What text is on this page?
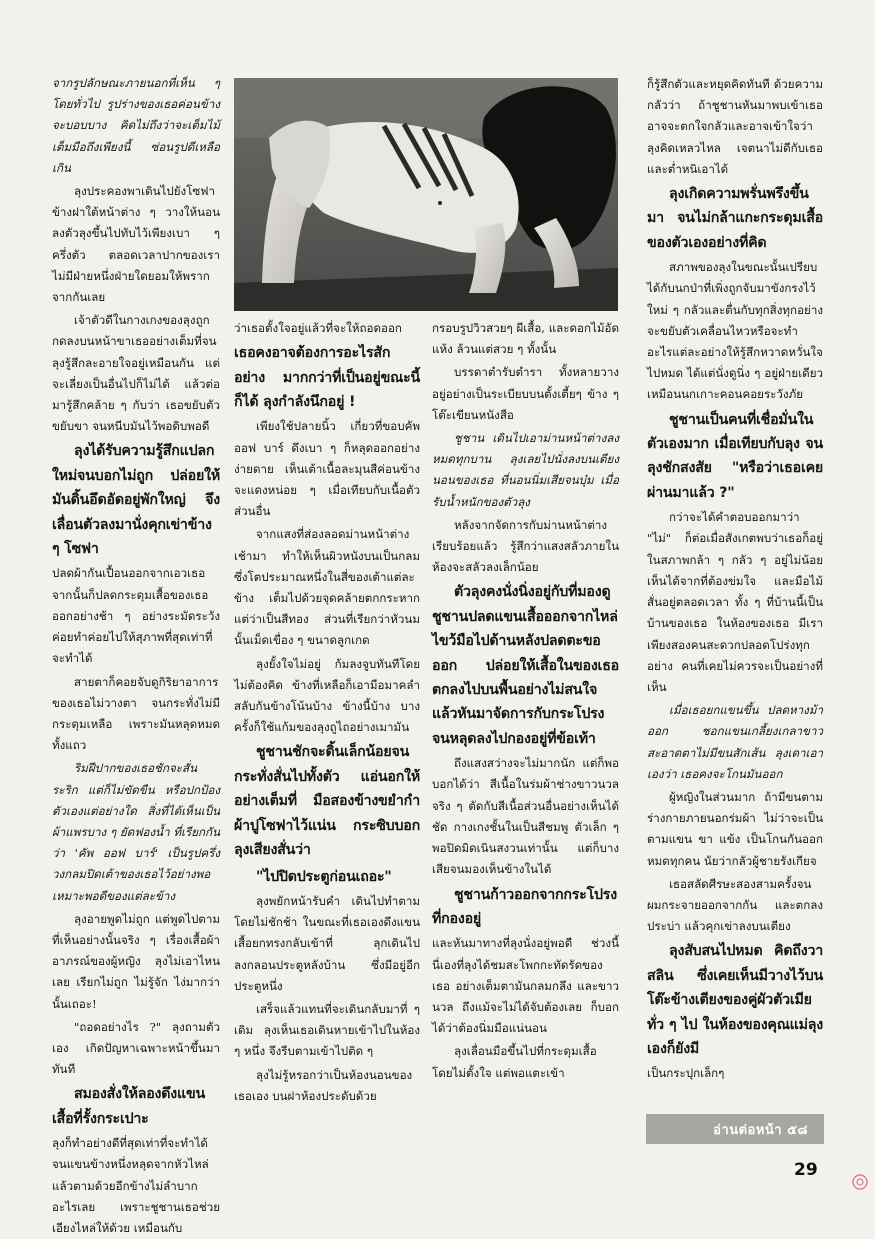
จากรูปลักษณะภายนอกที่เห็น ๆ โดยทั่วไป รูปร่างของเธอค่อนข้างจะบอบบาง คิดไม่ถึงว่าจะเต็มไม้เต็มมือถึงเพียงนี้ ซ่อนรูปดีเหลือเกิน

ลุงประคองพาเดินไปยังโซฟาข้างฝาใต้หน้าต่าง ๆ วางให้นอนลงตัวลุงขึ้นไปทับไว้เพียงเบา ๆ ครึ่งตัว ตลอดเวลาปากของเรา ไม่มีฝ่ายหนึ่งฝ่ายใดยอมให้พรากจากกันเลย

เจ้าตัวดีในกางเกงของลุงถูกกดลงบนหน้าขาเธออย่างเต็มที่จนลุงรู้สึกละอายใจอยู่เหมือนกัน แต่จะเลี่ยงเป็นอื่นไปก็ไม่ได้ แล้วต่อมารู้สึกคล้าย ๆ กับว่า เธอขยับตัวขยับขา จนหนีบมันไว้พอดิบพอดี

ลุงได้รับความรู้สึกแปลกใหม่จนบอกไม่ถูก ปล่อยให้มันดิ้นอึดอัดอยู่พักใหญ่ จึงเลื่อนตัวลงมานั่งคุกเข่าข้าง ๆ โซฟา

ปลดผ้ากันเปื้อนออกจากเอวเธอ จากนั้นก็ปลดกระดุมเสื้อของเธอออกอย่างช้า ๆ อย่างระมัดระวังค่อยทำค่อยไปให้สุภาพที่สุดเท่าที่จะทำได้

สายตาก็คอยจับดูกิริยาอาการของเธอไม่วางตา จนกระทั่งไม่มีกระดุมเหลือ เพราะมันหลุดหมดทั้งแถว

ริมฝีปากของเธอชักจะสั่นระริก แต่ก็ไม่ขัดขืน หรือปกป้องตัวเองแต่อย่างใด สิ่งที่ได้เห็นเป็นผ้าแพรบาง ๆ ยัดฟองน้ำ ที่เรียกกันว่า 'คัพ ออฟ บาร์' เป็นรูปครึ่งวงกลมปิดเต้าของเธอไว้อย่างพอเหมาะพอดีของแต่ละข้าง

ลุงอายพูดไม่ถูก แต่พูดไปตามที่เห็นอย่างนั้นจริง ๆ เรื่องเสื้อผ้าอาภรณ์ของผู้หญิง ลุงไม่เอาไหนเลย เรียกไม่ถูก ไม่รู้จัก ไง่มากว่านั้นเถอะ!

"ถอดอย่างไร ?" ลุงถามตัวเอง เกิดปัญหาเฉพาะหน้าขึ้นมาทันที

สมองสั่งให้ลองดึงแขนเสื้อที่รั้งกระเปาะ

ลุงก็ทำอย่างดีที่สุดเท่าที่จะทำได้ จนแขนข้างหนึ่งหลุดจากหัวไหล่ แล้วตามด้วยอีกข้างไม่ลำบากอะไรเลย เพราะชูชานเธอช่วยเอียงไหล่ให้ด้วย เหมือนกับ

ว่าเธอตั้งใจอยู่แล้วที่จะให้ถอดออก

เธอคงอาจต้องการอะไรสักอย่าง มากกว่าที่เป็นอยู่ขณะนี้ก็ได้ ลุงกำลังนึกอยู่ !

เพียงใช้ปลายนิ้ว เกี่ยวที่ขอบคัพ ออฟ บาร์ ดึงเบา ๆ ก็หลุดออกอย่างง่ายดาย เห็นเต้าเนื้อละมุนสีค่อนข้างจะแดงหน่อย ๆ เมื่อเทียบกับเนื้อตัวส่วนอื่น

จากแสงที่ส่องลอดม่านหน้าต่างเช้ามา ทำให้เห็นผิวหนังบนเป็นกลมซึ่งโตประมาณหนึ่งในสี่ของเต้าแต่ละข้าง เต็มไปด้วยจุดคล้ายตกกระหากแต่ว่าเป็นสีทอง ส่วนที่เรียกว่าหัวนมนั้นเม็ดเขื่อง ๆ ขนาดลูกเกด

ลุงยั้งใจไม่อยู่ ก้มลงจูบทันทีโดยไม่ต้องคิด ข้างที่เหลือก็เอามือมาคลำสลับกันข้างโน้นบ้าง ข้างนี้บ้าง บางครั้งก็ใช้แก้มของลุงถูไถอย่างเมามัน

ชูชานชักจะดิ้นเล็กน้อยจนกระทั่งสั่นไปทั้งตัว แอ่นอกให้อย่างเต็มที่ มือสองข้างขยำกำผ้าปูโซฟาไว้แน่น กระซิบบอกลุงเสียงสั่นว่า

"ไปปิดประตูก่อนเถอะ"

ลุงพยักหน้ารับคำ เดินไปทำตามโดยไม่ชักช้า ในขณะที่เธอเองดึงแขนเสื้อยกทรงกลับเข้าที่ ลุกเดินไปลงกลอนประตูหลังบ้าน ซึ่งมีอยู่อีกประตูหนึ่ง

เสร็จแล้วแทนที่จะเดินกลับมาที่ ๆ เดิม ลุงเห็นเธอเดินหายเข้าไปในห้อง ๆ หนึ่ง จึงรีบตามเข้าไปติด ๆ

ลุงไม่รู้หรอกว่าเป็นห้องนอนของเธอเอง บนฝาห้องประดับด้วย

กรอบรูปวิวสวยๆ ผีเสื้อ, และดอกไม้อัดแห้ง ล้วนแต่สวย ๆ ทั้งนั้น

บรรดาตำรับตำรา ทั้งหลายวางอยู่อย่างเป็นระเบียบบนตั้งเตี้ยๆ ข้าง ๆ โต๊ะเขียนหนังสือ

ชูชาน เดินไปเอาม่านหน้าต่างลงหมดทุกบาน ลุงเลยไปนั่งลงบนเตียงนอนของเธอ ที่นอนนิ่มเสียจนบุ๋ม เมื่อรับน้ำหนักของตัวลุง

หลังจากจัดการกับม่านหน้าต่างเรียบร้อยแล้ว รู้สึกว่าแสงสลัวภายในห้องจะสลัวลงเล็กน้อย

ตัวลุงคงนั่งนิ่งอยู่กับที่มองดูชูชานปลดแขนเสื้อออกจากไหล่ ไขว้มือไปด้านหลังปลดตะขอออก ปล่อยให้เสื้อในของเธอตกลงไปบนพื้นอย่างไม่สนใจ แล้วหันมาจัดการกับกระโปรง จนหลุดลงไปกองอยู่ที่ข้อเท้า

ถึงแสงสว่างจะไม่มากนัก แต่ก็พอบอกได้ว่า สีเนื้อในร่มผ้าช่างขาวนวลจริง ๆ ตัดกับสีเนื้อส่วนอื่นอย่างเห็นได้ชัด กางเกงชั้นในเป็นสีชมพู ตัวเล็ก ๆ พอปิดมิดเนินสงวนเท่านั้น แต่ก็บางเสียจนมองเห็นข้างในได้

ชูชานก้าวออกจากกระโปรงที่กองอยู่

และหันมาทางที่ลุงนั่งอยู่พอดี ช่วงนี้นี่เองที่ลุงได้ชมสะโพกกะทัดรัดของเธอ อย่างเต็มตามันกลมกลึง และขาวนวล ถึงแม้จะไม่ได้จับต้องเลย ก็บอกได้ว่าต้องนิ่มมือแน่นอน

ลุงเลื่อนมือขึ้นไปที่กระดุมเสื้อ โดยไม่ตั้งใจ แต่พอแตะเข้า

ก็รู้สึกตัวและหยุดคิดทันที ด้วยความกลัวว่า ถ้าชูชานหันมาพบเข้าเธออาจจะตกใจกลัวและอาจเข้าใจว่าลุงคิดเหลวไหล เจตนาไม่ดีกับเธอ และต่ำหนิเอาได้

ลุงเกิดความพรั่นพรึงขึ้นมา จนไม่กล้าแกะกระดุมเสื้อของตัวเองอย่างที่คิด

สภาพของลุงในขณะนั้นเปรียบได้กับนกป่าที่เพิ่งถูกจับมาขังกรงไว้ใหม่ ๆ กลัวและตื่นกับทุกสิ่งทุกอย่าง จะขยับตัวเคลื่อนไหวหรือจะทำอะไรแต่ละอย่างให้รู้สึกหวาดหวั่นใจไปหมด ได้แต่นั่งดูนิ่ง ๆ อยู่ฝ่ายเดียว เหมือนนกเกาะคอนคอยระวังภัย

ชูชานเป็นคนที่เชื่อมั่นในตัวเองมาก เมื่อเทียบกับลุง จนลุงชักสงสัย "หรือว่าเธอเคยผ่านมาแล้ว ?"

กว่าจะได้คำตอบออกมาว่า "ไม่" ก็ต่อเมื่อสังเกตพบว่าเธอก็อยู่ในสภาพกล้า ๆ กลัว ๆ อยู่ไม่น้อย เห็นได้จากที่ต้องข่มใจ และมือไม้สั่นอยู่ตลอดเวลา ทั้ง ๆ ที่บ้านนี้เป็นบ้านของเธอ ในห้องของเธอ มีเราเพียงสองคนสะดวกปลอดโปร่งทุกอย่าง คนที่เคยไม่ควรจะเป็นอย่างที่เห็น

เมื่อเธอยกแขนขึ้น ปลดหางม้าออก ชอกแขนเกลี้ยงเกลาขาวสะอาดตาไม่มีขนสักเส้น ลุงเดาเอาเองว่า เธอคงจะโกนมันออก

ผู้หญิงในส่วนมาก ถ้ามีขนตามร่างกายภายนอกร่มผ้า ไม่ว่าจะเป็นตามแขน ขา แข้ง เป็นโกนกันออกหมดทุกคน นัยว่ากลัวผู้ชายรังเกียจ

เธอสลัดศีรษะสองสามครั้งจนผมกระจายออกจากกัน และตกลงประบ่า แล้วคุกเข่าลงบนเตียง

ลุงสับสนไปหมด คิดถึงวาสลิน ซึ่งเคยเห็นมีวางไว้บนโต๊ะข้างเตียงของคู่ผัวตัวเมียทั่ว ๆ ไป ในห้องของคุณแม่ลุงเองก็ยังมี

เป็นกระปุกเล็กๆ

อ่านต่อหน้า ๕๘
29
